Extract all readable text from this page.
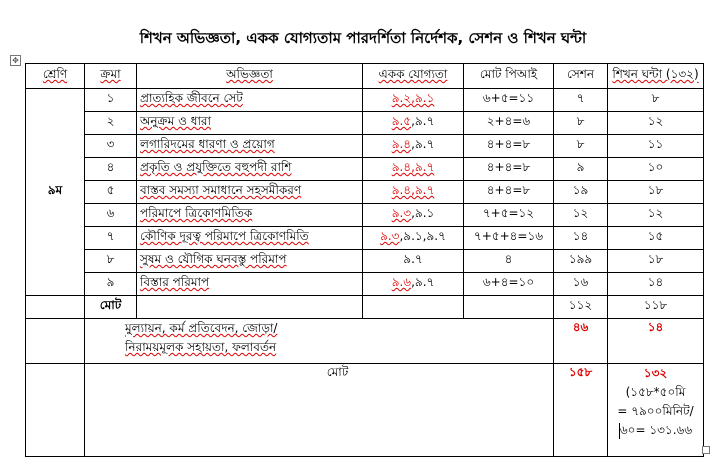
শিখন অভিজ্ঞতা, একক যোগ্যতাম পারদর্শিতা নির্দেশক, সেশন ও শিখন ঘন্টা
✥
শ্রেণি	ক্রমা	অভিজ্ঞতা	একক যোগ্যতা	মোট পিআই	সেশন	শিখন ঘন্টা (১৩২)
৯ম	১	প্রাত্যহিক জীবনে সেট	৯.২,৯.১	৬+৫=১১	৭	৮
	২	অনুক্রম ও ধারা	৯.৫,৯.৭	২+৪=৬	৮	১২
	৩	লগারিদমের ধারণা ও প্রয়োগ	৯.৪,৯.৭	৪+৪=৮	৮	১১
	৪	প্রকৃতি ও প্রযুক্তিতে বহুপদী রাশি	৯.৪,৯.৭	৪+৪=৮	৯	১০
	৫	বাস্তব সমস্যা সমাধানে সহসমীকরণ	৯.৪,৯.৭	৪+৪=৮	১৯	১৮
	৬	পরিমাপে ত্রিকোণমিতিক	৯.৩,৯.১	৭+৫=১২	১২	১২
	৭	কৌণিক দূরত্ব পরিমাপে ত্রিকোণমিতি	৯.৩,৯.১,৯.৭	৭+৫+৪=১৬	১৪	১৫
	৮	সুষম ও যৌগিক ঘনবস্তু পরিমাপ	৯.৭	৪	১৯৯	১৮
	৯	বিস্তার পরিমাপ	৯.৬,৯.৭	৬+৪=১০	১৬	১৪
	মোট				১১২	১১৮
	মুল্যায়ন, কর্ম প্রতিবেদন, জোড়া/
নিরাময়মূলক সহায়তা, ফলাবর্তন				৪৬	১৪
	মোট				১৫৮	১৩২
(১৫৮*৫০মি
= ৭৯০০মিনিট/
৬০= ১৩১.৬৬
